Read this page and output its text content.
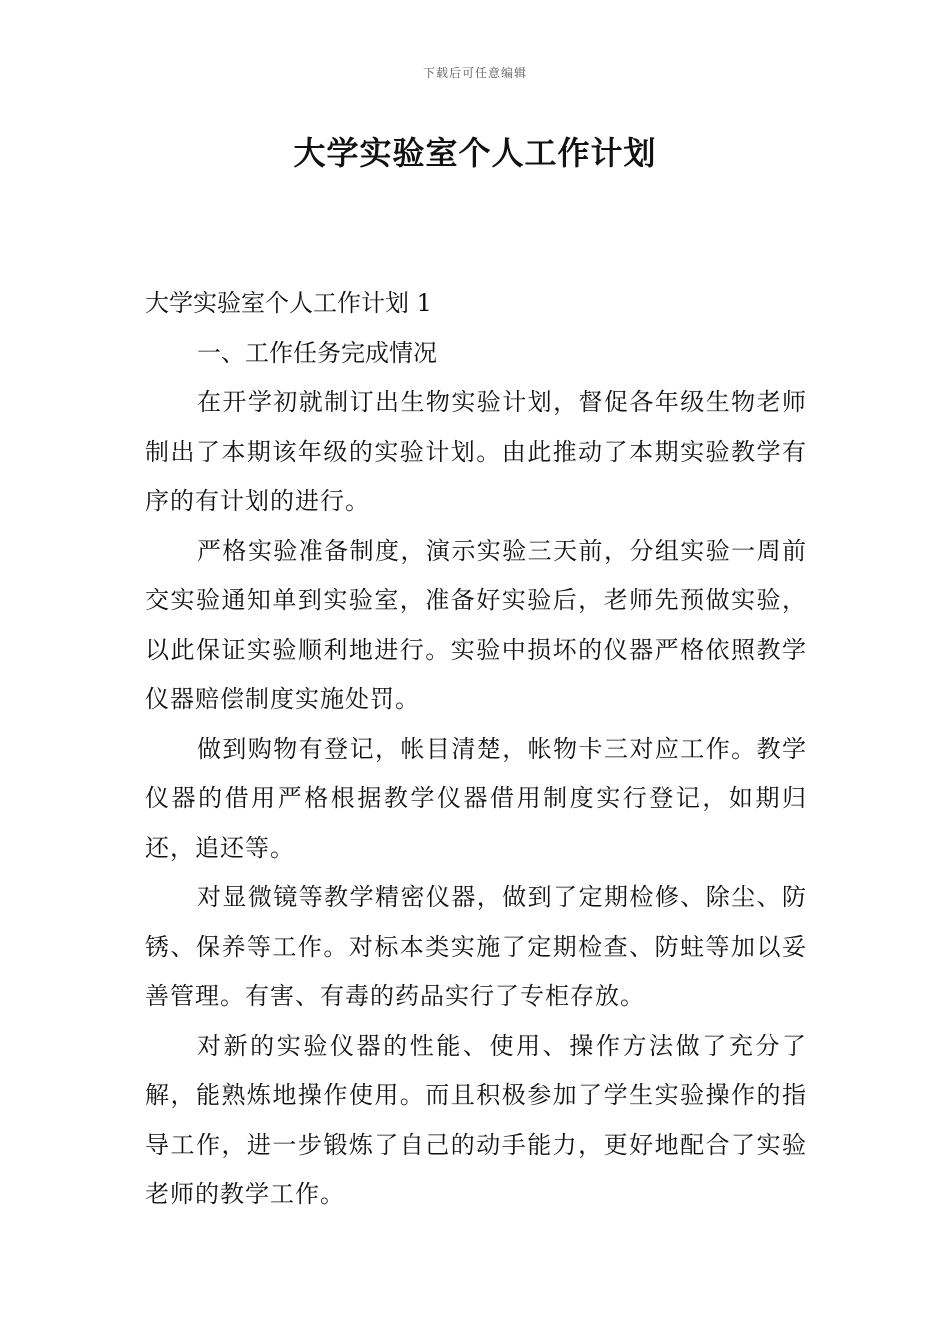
下载后可任意编辑
大学实验室个人工作计划

大学实验室个人工作计划 1

一、工作任务完成情况

在开学初就制订出生物实验计划，督促各年级生物老师制出了本期该年级的实验计划。由此推动了本期实验教学有序的有计划的进行。

严格实验准备制度，演示实验三天前，分组实验一周前交实验通知单到实验室，准备好实验后，老师先预做实验，以此保证实验顺利地进行。实验中损坏的仪器严格依照教学仪器赔偿制度实施处罚。

做到购物有登记，帐目清楚，帐物卡三对应工作。教学仪器的借用严格根据教学仪器借用制度实行登记，如期归还，追还等。

对显微镜等教学精密仪器，做到了定期检修、除尘、防锈、保养等工作。对标本类实施了定期检查、防蛀等加以妥善管理。有害、有毒的药品实行了专柜存放。

对新的实验仪器的性能、使用、操作方法做了充分了解，能熟炼地操作使用。而且积极参加了学生实验操作的指导工作，进一步锻炼了自己的动手能力，更好地配合了实验老师的教学工作。
